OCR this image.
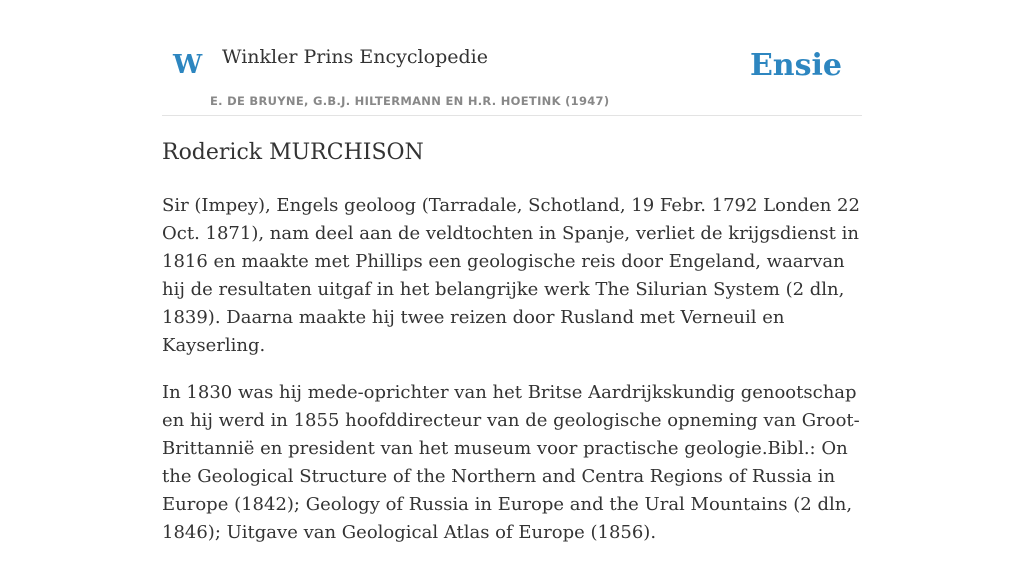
W Winkler Prins Encyclopedie
E. DE BRUYNE, G.B.J. HILTERMANN EN H.R. HOETINK (1947)
Ensie
Roderick MURCHISON

Sir (Impey), Engels geoloog (Tarradale, Schotland, 19 Febr. 1792 Londen 22 Oct. 1871), nam deel aan de veldtochten in Spanje, verliet de krijgsdienst in 1816 en maakte met Phillips een geologische reis door Engeland, waarvan hij de resultaten uitgaf in het belangrijke werk The Silurian System (2 dln, 1839). Daarna maakte hij twee reizen door Rusland met Verneuil en Kayserling.

In 1830 was hij mede-oprichter van het Britse Aardrijkskundig genootschap en hij werd in 1855 hoofddirecteur van de geologische opneming van Groot-Brittannië en president van het museum voor practische geologie.Bibl.: On the Geological Structure of the Northern and Centra Regions of Russia in Europe (1842); Geology of Russia in Europe and the Ural Mountains (2 dln, 1846); Uitgave van Geological Atlas of Europe (1856).
